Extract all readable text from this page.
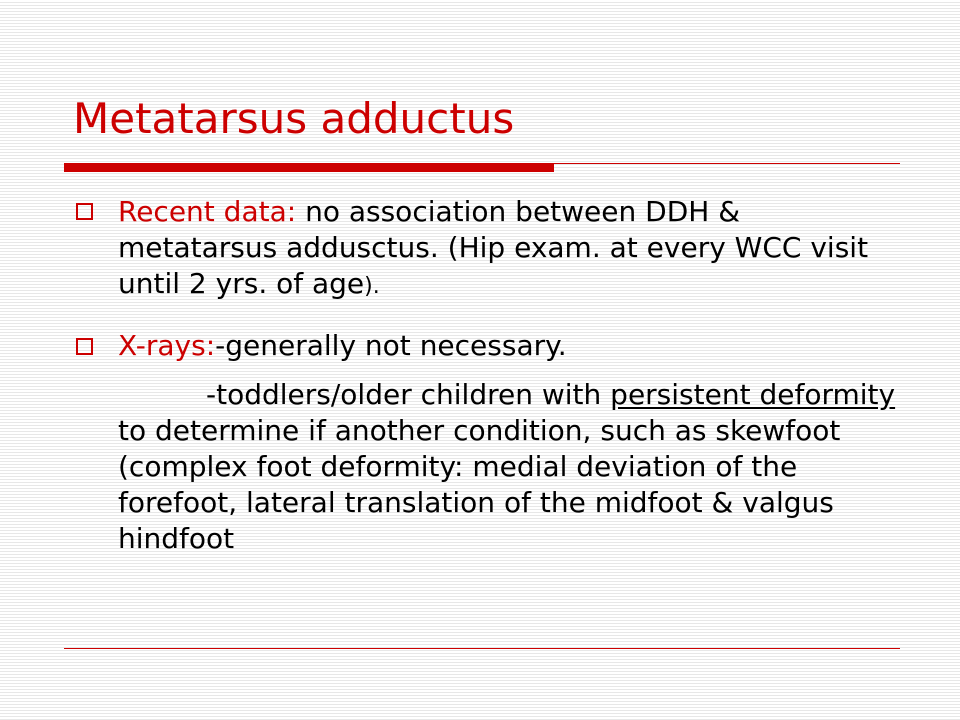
Metatarsus adductus
Recent data: no association between DDH & metatarsus addusctus. (Hip exam. at every WCC visit until 2 yrs. of age).
X-rays:-generally not necessary.
-toddlers/older children with persistent deformity to determine if another condition, such as skewfoot (complex foot deformity: medial deviation of the forefoot, lateral translation of the midfoot & valgus hindfoot
